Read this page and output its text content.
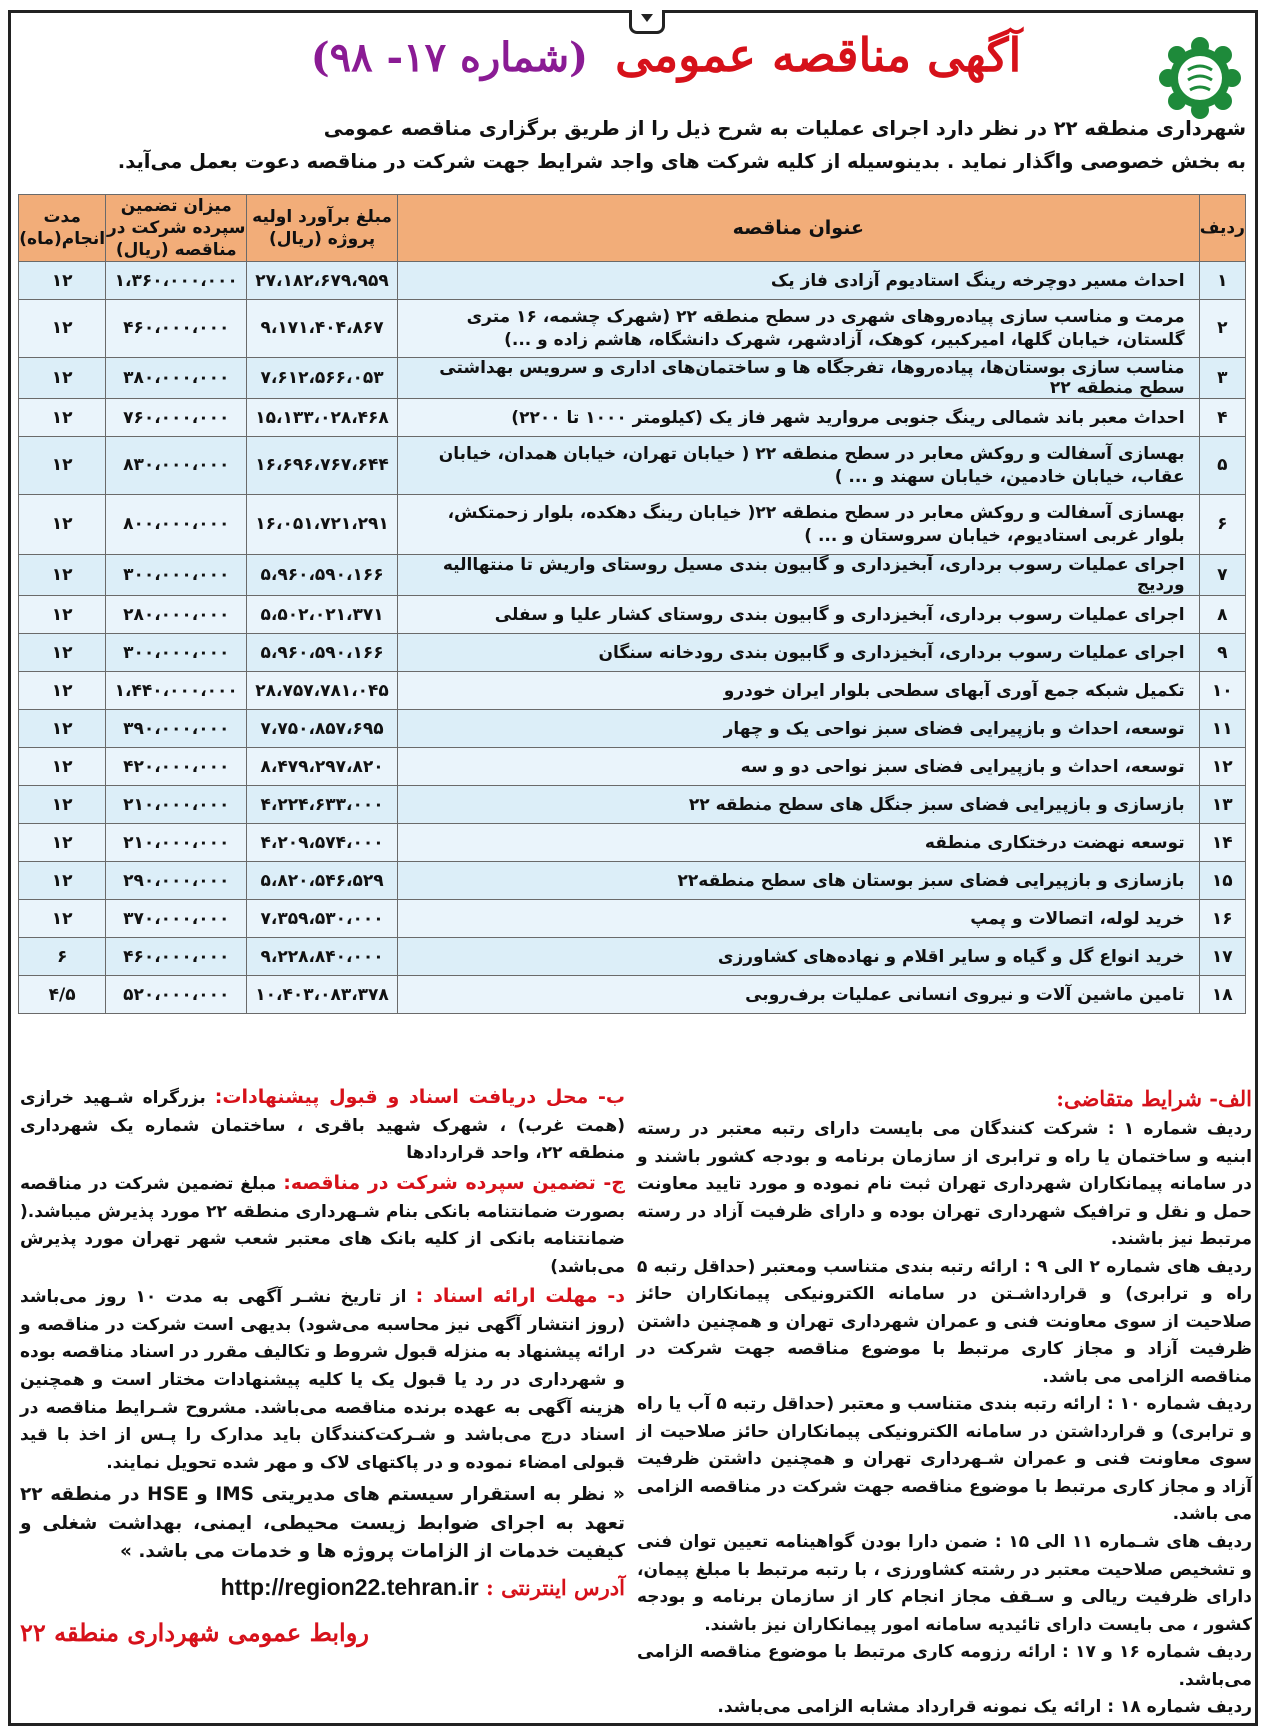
آگهی مناقصه عمومی (شماره ۱۷- ۹۸)
شهرداری منطقه ۲۲ در نظر دارد اجرای عملیات به شرح ذیل را از طریق برگزاری مناقصه عمومی
به بخش خصوصی واگذار نماید . بدینوسیله از کلیه شرکت های واجد شرایط جهت شرکت در مناقصه دعوت بعمل می‌آید.
ردیف	عنوان مناقصه	مبلغ برآورد اولیه پروژه (ریال)	میزان تضمین سپرده شرکت در مناقصه (ریال)	مدت انجام(ماه)
۱	احداث مسیر دوچرخه رینگ استادیوم آزادی فاز یک	۲۷،۱۸۲،۶۷۹،۹۵۹	۱،۳۶۰،۰۰۰،۰۰۰	۱۲
۲	مرمت و مناسب سازی پیاده‌روهای شهری در سطح منطقه ۲۲ (شهرک چشمه، ۱۶ متری گلستان، خیابان گلها، امیرکبیر، کوهک، آزادشهر، شهرک دانشگاه، هاشم زاده و ...)	۹،۱۷۱،۴۰۴،۸۶۷	۴۶۰،۰۰۰،۰۰۰	۱۲
۳	مناسب سازی بوستان‌ها، پیاده‌روها، تفرجگاه ها و ساختمان‌های اداری و سرویس بهداشتی سطح منطقه ۲۲	۷،۶۱۲،۵۶۶،۰۵۳	۳۸۰،۰۰۰،۰۰۰	۱۲
۴	احداث معبر باند شمالی رینگ جنوبی مروارید شهر فاز یک (کیلومتر ۱۰۰۰ تا ۲۲۰۰)	۱۵،۱۳۳،۰۲۸،۴۶۸	۷۶۰،۰۰۰،۰۰۰	۱۲
۵	بهسازی آسفالت و روکش معابر در سطح منطقه ۲۲ ( خیابان تهران، خیابان همدان، خیابان عقاب، خیابان خادمین، خیابان سهند و ... )	۱۶،۶۹۶،۷۶۷،۶۴۴	۸۳۰،۰۰۰،۰۰۰	۱۲
۶	بهسازی آسفالت و روکش معابر در سطح منطقه ۲۲( خیابان رینگ دهکده، بلوار زحمتکش، بلوار غربی استادیوم، خیابان سروستان و ... )	۱۶،۰۵۱،۷۲۱،۲۹۱	۸۰۰،۰۰۰،۰۰۰	۱۲
۷	اجرای عملیات رسوب برداری، آبخیزداری و گابیون بندی مسیل روستای واریش تا منتهاالیه وردیج	۵،۹۶۰،۵۹۰،۱۶۶	۳۰۰،۰۰۰،۰۰۰	۱۲
۸	اجرای عملیات رسوب برداری، آبخیزداری و گابیون بندی روستای کشار علیا و سفلی	۵،۵۰۲،۰۲۱،۳۷۱	۲۸۰،۰۰۰،۰۰۰	۱۲
۹	اجرای عملیات رسوب برداری، آبخیزداری و گابیون بندی رودخانه سنگان	۵،۹۶۰،۵۹۰،۱۶۶	۳۰۰،۰۰۰،۰۰۰	۱۲
۱۰	تکمیل شبکه جمع آوری آبهای سطحی بلوار ایران خودرو	۲۸،۷۵۷،۷۸۱،۰۴۵	۱،۴۴۰،۰۰۰،۰۰۰	۱۲
۱۱	توسعه، احداث و بازپیرایی فضای سبز نواحی یک و چهار	۷،۷۵۰،۸۵۷،۶۹۵	۳۹۰،۰۰۰،۰۰۰	۱۲
۱۲	توسعه، احداث و بازپیرایی فضای سبز نواحی دو و سه	۸،۴۷۹،۲۹۷،۸۲۰	۴۲۰،۰۰۰،۰۰۰	۱۲
۱۳	بازسازی و بازپیرایی فضای سبز جنگل های سطح منطقه ۲۲	۴،۲۲۴،۶۳۳،۰۰۰	۲۱۰،۰۰۰،۰۰۰	۱۲
۱۴	توسعه نهضت درختکاری منطقه	۴،۲۰۹،۵۷۴،۰۰۰	۲۱۰،۰۰۰،۰۰۰	۱۲
۱۵	بازسازی و بازپیرایی فضای سبز بوستان های سطح منطقه۲۲	۵،۸۲۰،۵۴۶،۵۲۹	۲۹۰،۰۰۰،۰۰۰	۱۲
۱۶	خرید لوله، اتصالات و پمپ	۷،۳۵۹،۵۳۰،۰۰۰	۳۷۰،۰۰۰،۰۰۰	۱۲
۱۷	خرید انواع گل و گیاه و سایر اقلام و نهاده‌های کشاورزی	۹،۲۲۸،۸۴۰،۰۰۰	۴۶۰،۰۰۰،۰۰۰	۶
۱۸	تامین ماشین آلات و نیروی انسانی عملیات برف‌روبی	۱۰،۴۰۳،۰۸۳،۳۷۸	۵۲۰،۰۰۰،۰۰۰	۴/۵
الف- شرایط متقاضی:

ردیف شماره ۱ : شرکت کنندگان می بایست دارای رتبه معتبر در رسته ابنیه و ساختمان یا راه و ترابری از سازمان برنامه و بودجه کشور باشند و در سامانه پیمانکاران شهرداری تهران ثبت نام نموده و مورد تایید معاونت حمل و نقل و ترافیک شهرداری تهران بوده و دارای ظرفیت آزاد در رسته مرتبط نیز باشند.

ردیف های شماره ۲ الی ۹ : ارائه رتبه بندی متناسب ومعتبر (حداقل رتبه ۵ راه و ترابری) و قرارداشـتن در سامانه الکترونیکی پیمانکاران حائز صلاحیت از سوی معاونت فنی و عمران شهرداری تهران و همچنین داشتن ظرفیت آزاد و مجاز کاری مرتبط با موضوع مناقصه جهت شرکت در مناقصه الزامی می باشد.

ردیف شماره ۱۰ : ارائه رتبه بندی متناسب و معتبر (حداقل رتبه ۵ آب یا راه و ترابری) و قرارداشتن در سامانه الکترونیکی پیمانکاران حائز صلاحیت از سوی معاونت فنی و عمران شـهرداری تهران و همچنین داشتن ظرفیت آزاد و مجاز کاری مرتبط با موضوع مناقصه جهت شرکت در مناقصه الزامی می باشد.

ردیف های شـماره ۱۱ الی ۱۵ : ضمن دارا بودن گواهینامه تعیین توان فنی و تشخیص صلاحیت معتبر در رشته کشاورزی ، با رتبه مرتبط با مبلغ پیمان، دارای ظرفیت ریالی و سـقف مجاز انجام کار از سازمان برنامه و بودجه کشور ، می بایست دارای تائیدیه سامانه امور پیمانکاران نیز باشند.

ردیف شماره ۱۶ و ۱۷ : ارائه رزومه کاری مرتبط با موضوع مناقصه الزامی می‌باشد.

ردیف شماره ۱۸ : ارائه یک نمونه قرارداد مشابه الزامی می‌باشد.

ب- محل دریافت اسناد و قبول پیشنهادات: بزرگراه شـهید خرازی (همت غرب) ، شهرک شهید باقری ، ساختمان شماره یک شهرداری منطقه ۲۲، واحد قراردادها

ج- تضمین سپرده شرکت در مناقصه: مبلغ تضمین شرکت در مناقصه بصورت ضمانتنامه بانکی بنام شـهرداری منطقه ۲۲ مورد پذیرش میباشد.( ضمانتنامه بانکی از کلیه بانک های معتبر شعب شهر تهران مورد پذیرش می‌باشد)

د- مهلت ارائه اسناد : از تاریخ نشـر آگهی به مدت ۱۰ روز می‌باشد (روز انتشار آگهی نیز محاسبه می‌شود) بدیهی است شرکت در مناقصه و ارائه پیشنهاد به منزله قبول شروط و تکالیف مقرر در اسناد مناقصه بوده و شهرداری در رد یا قبول یک یا کلیه پیشنهادات مختار است و همچنین هزینه آگهی به عهده برنده مناقصه می‌باشد. مشروح شـرایط مناقصه در اسناد درج می‌باشد و شـرکت‌کنندگان باید مدارک را پـس از اخذ با قید قبولی امضاء نموده و در پاکتهای لاک و مهر شده تحویل نمایند.

« نظر به استقرار سیستم های مدیریتی IMS و HSE در منطقه ۲۲ تعهد به اجرای ضوابط زیست محیطی، ایمنی، بهداشت شغلی و کیفیت خدمات از الزامات پروژه ها و خدمات می باشد. »

آدرس اینترنتی : http://region22.tehran.ir
روابط عمومی شهرداری منطقه ۲۲
